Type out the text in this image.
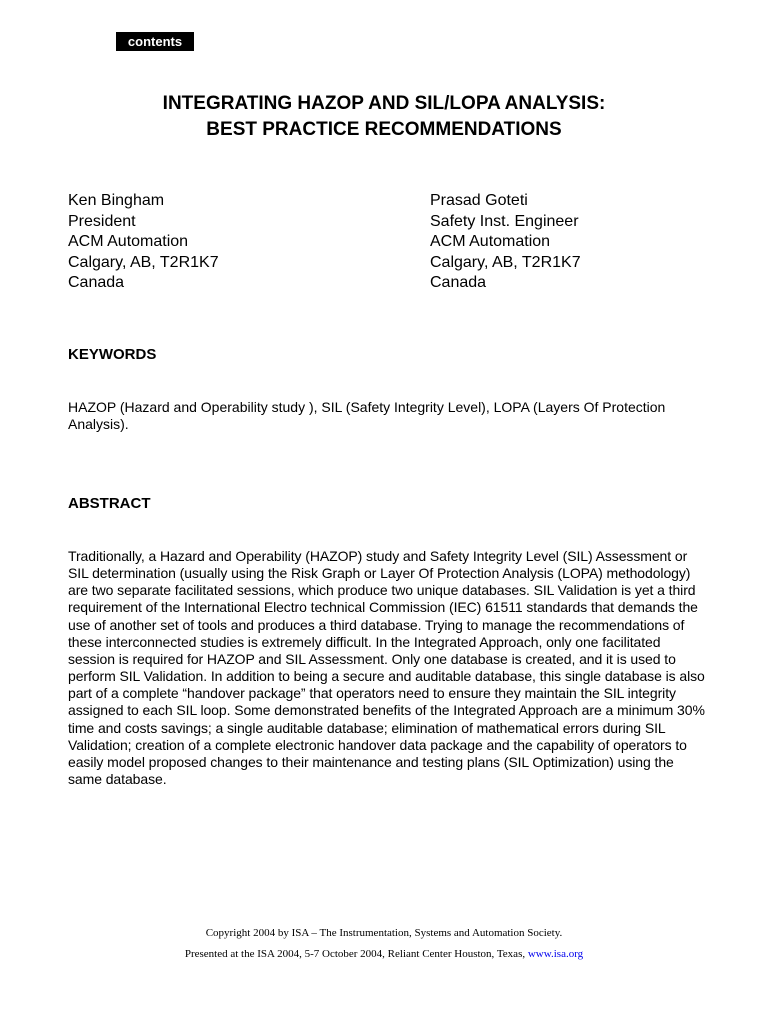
contents
INTEGRATING HAZOP AND SIL/LOPA ANALYSIS:
BEST PRACTICE RECOMMENDATIONS
Ken Bingham
President
ACM Automation
Calgary, AB, T2R1K7
Canada
Prasad Goteti
Safety Inst. Engineer
ACM Automation
Calgary, AB, T2R1K7
Canada
KEYWORDS
HAZOP (Hazard and Operability study ), SIL (Safety Integrity Level), LOPA (Layers Of Protection Analysis).
ABSTRACT
Traditionally, a Hazard and Operability (HAZOP) study and Safety Integrity Level (SIL) Assessment or SIL determination (usually using the Risk Graph or Layer Of Protection Analysis (LOPA) methodology) are two separate facilitated sessions, which produce two unique databases. SIL Validation is yet a third requirement of the International Electro technical Commission (IEC) 61511 standards that demands the use of another set of tools and produces a third database. Trying to manage the recommendations of these interconnected studies is extremely difficult. In the Integrated Approach, only one facilitated session is required for HAZOP and SIL Assessment. Only one database is created, and it is used to perform SIL Validation. In addition to being a secure and auditable database, this single database is also part of a complete “handover package” that operators need to ensure they maintain the SIL integrity assigned to each SIL loop. Some demonstrated benefits of the Integrated Approach are a minimum 30% time and costs savings; a single auditable database; elimination of mathematical errors during SIL Validation; creation of a complete electronic handover data package and the capability of operators to easily model proposed changes to their maintenance and testing plans (SIL Optimization) using the same database.
Copyright 2004 by ISA – The Instrumentation, Systems and Automation Society.
Presented at the ISA 2004, 5-7 October 2004, Reliant Center Houston, Texas, www.isa.org
